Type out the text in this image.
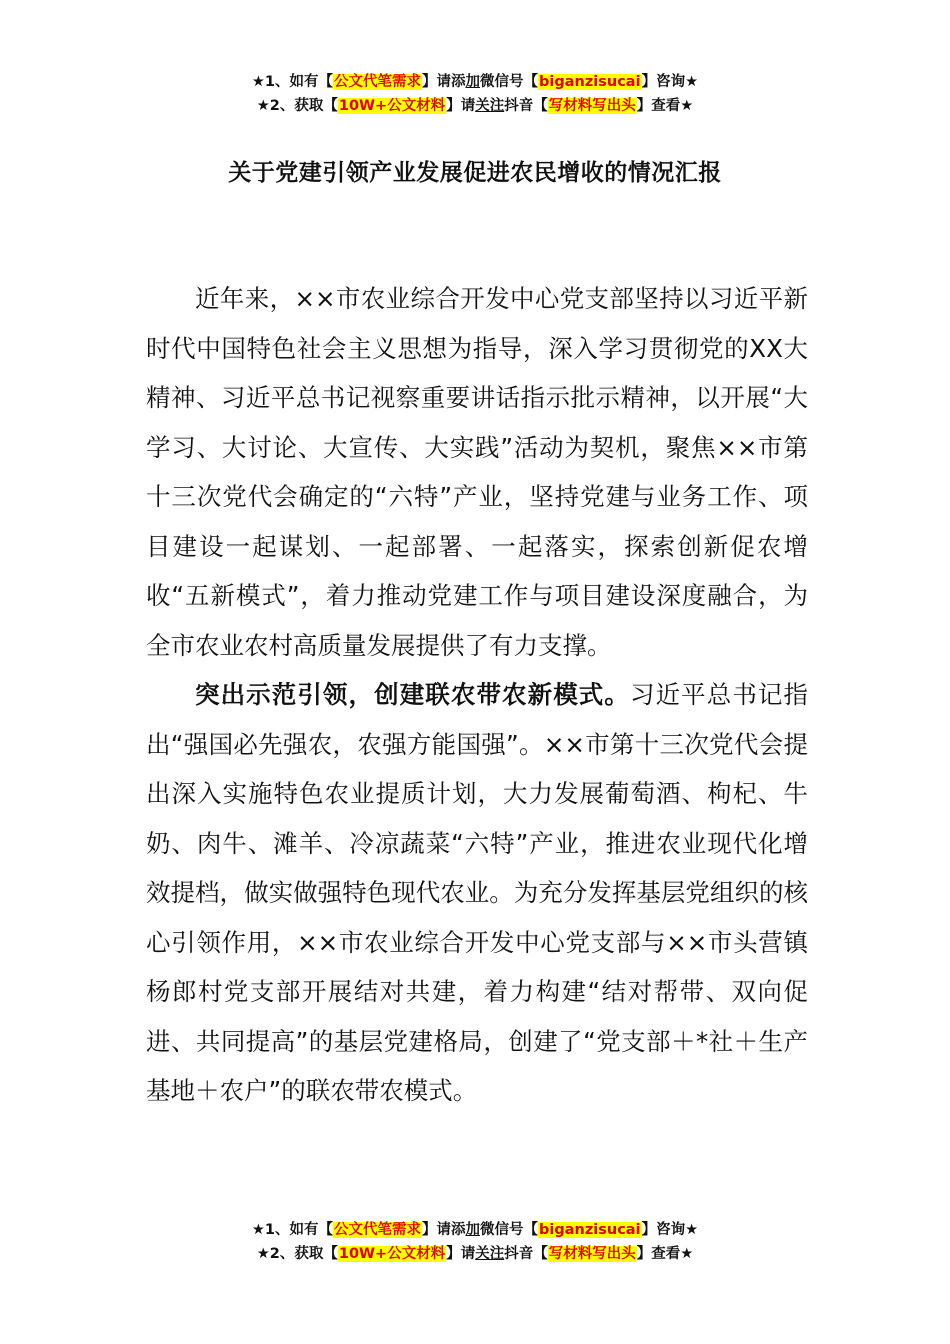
★1、如有【公文代笔需求】请添加微信号【biganzisucai】咨询★
★2、获取【10W+公文材料】请关注抖音【写材料写出头】查看★
关于党建引领产业发展促进农民增收的情况汇报

近年来，××市农业综合开发中心党支部坚持以习近平新时代中国特色社会主义思想为指导，深入学习贯彻党的XX大精神、习近平总书记视察重要讲话指示批示精神，以开展“大学习、大讨论、大宣传、大实践”活动为契机，聚焦××市第十三次党代会确定的“六特”产业，坚持党建与业务工作、项目建设一起谋划、一起部署、一起落实，探索创新促农增收“五新模式”，着力推动党建工作与项目建设深度融合，为全市农业农村高质量发展提供了有力支撑。

突出示范引领，创建联农带农新模式。习近平总书记指出“强国必先强农，农强方能国强”。××市第十三次党代会提出深入实施特色农业提质计划，大力发展葡萄酒、枸杞、牛奶、肉牛、滩羊、冷凉蔬菜“六特”产业，推进农业现代化增效提档，做实做强特色现代农业。为充分发挥基层党组织的核心引领作用，××市农业综合开发中心党支部与××市头营镇杨郎村党支部开展结对共建，着力构建“结对帮带、双向促进、共同提高”的基层党建格局，创建了“党支部＋*社＋生产基地＋农户”的联农带农模式。

★1、如有【公文代笔需求】请添加微信号【biganzisucai】咨询★
★2、获取【10W+公文材料】请关注抖音【写材料写出头】查看★
